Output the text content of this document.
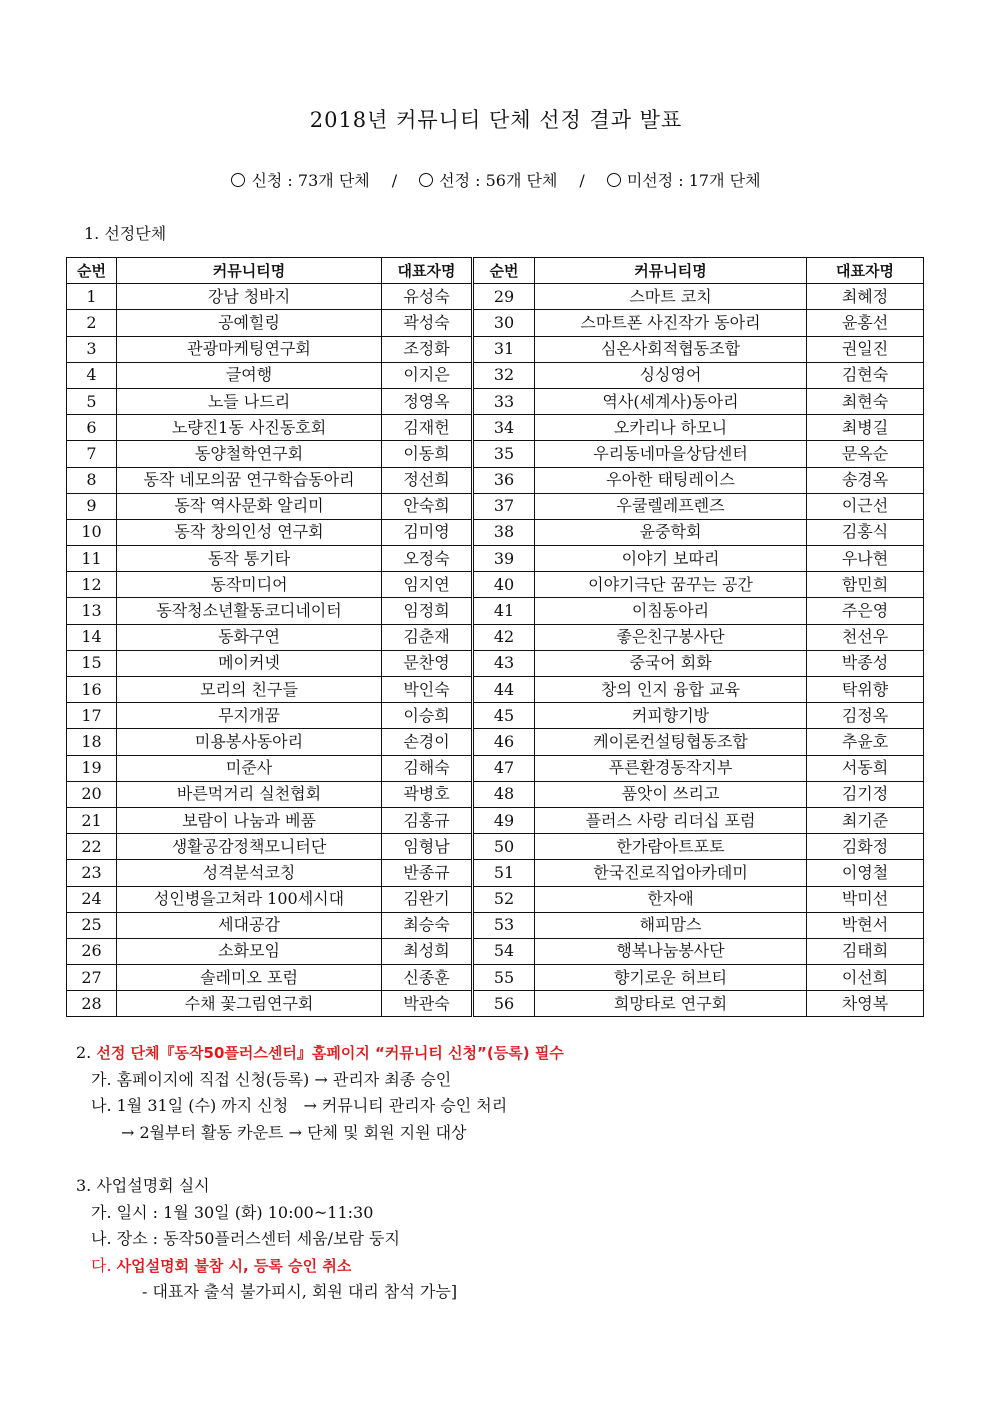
2018년 커뮤니티 단체 선정 결과 발표
신청 : 73개 단체 /	선정 : 56개 단체 /	미선정 : 17개 단체
1. 선정단체
순번	커뮤니티명	대표자명	순번	커뮤니티명	대표자명
1	강남 청바지	유성숙	29	스마트 코치	최혜정
2	공예힐링	곽성숙	30	스마트폰 사진작가 동아리	윤홍선
3	관광마케팅연구회	조정화	31	심온사회적협동조합	권일진
4	글여행	이지은	32	싱싱영어	김현숙
5	노들 나드리	정영옥	33	역사(세계사)동아리	최현숙
6	노량진1동 사진동호회	김재헌	34	오카리나 하모니	최병길
7	동양철학연구회	이동희	35	우리동네마을상담센터	문옥순
8	동작 네모의꿈 연구학습동아리	정선희	36	우아한 태팅레이스	송경옥
9	동작 역사문화 알리미	안숙희	37	우쿨렐레프렌즈	이근선
10	동작 창의인성 연구회	김미영	38	윤중학회	김홍식
11	동작 통기타	오정숙	39	이야기 보따리	우나현
12	동작미디어	임지연	40	이야기극단 꿈꾸는 공간	함민희
13	동작청소년활동코디네이터	임정희	41	이침동아리	주은영
14	동화구연	김춘재	42	좋은친구봉사단	천선우
15	메이커넷	문찬영	43	중국어 회화	박종성
16	모리의 친구들	박인숙	44	창의 인지 융합 교육	탁위향
17	무지개꿈	이승희	45	커피향기방	김정옥
18	미용봉사동아리	손경이	46	케이론컨설팅협동조합	추윤호
19	미준사	김해숙	47	푸른환경동작지부	서동희
20	바른먹거리 실천협회	곽병호	48	품앗이 쓰리고	김기정
21	보람이 나눔과 베품	김홍규	49	플러스 사랑 리더십 포럼	최기준
22	생활공감정책모니터단	임형남	50	한가람아트포토	김화정
23	성격분석코칭	반종규	51	한국진로직업아카데미	이영철
24	성인병을고쳐라 100세시대	김완기	52	한자애	박미선
25	세대공감	최승숙	53	해피맘스	박현서
26	소화모임	최성희	54	행복나눔봉사단	김태희
27	솔레미오 포럼	신종훈	55	향기로운 허브티	이선희
28	수채 꽃그림연구회	박관숙	56	희망타로 연구회	차영복
2. 선정 단체『동작50플러스센터』홈페이지 “커뮤니티 신청”(등록) 필수
가. 홈페이지에 직접 신청(등록) → 관리자 최종 승인
나. 1월 31일 (수) 까지 신청   → 커뮤니티 관리자 승인 처리
→ 2월부터 활동 카운트 → 단체 및 회원 지원 대상
3. 사업설명회 실시
가. 일시 : 1월 30일 (화) 10:00~11:30
나. 장소 : 동작50플러스센터 세움/보람 둥지
다. 사업설명회 불참 시, 등록 승인 취소
- 대표자 출석 불가피시, 회원 대리 참석 가능]
